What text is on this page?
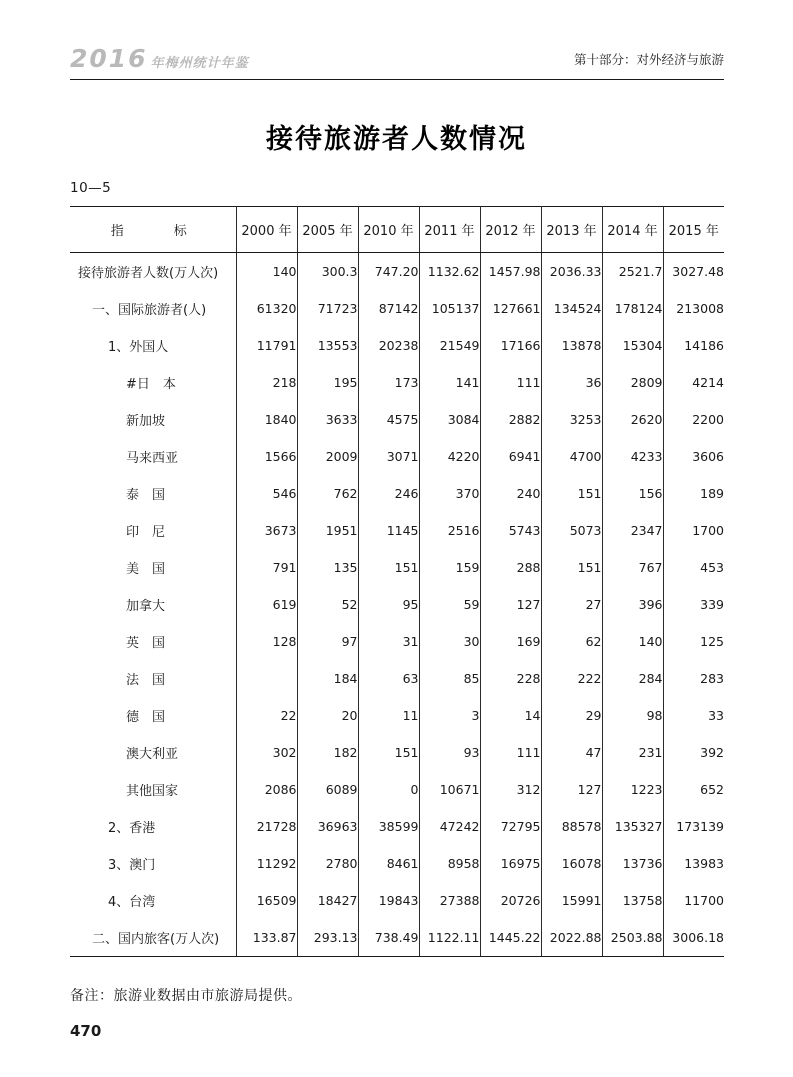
2016 年梅州统计年鉴	第十部分：对外经济与旅游
接待旅游者人数情况
10—5
指　　标	2000 年	2005 年	2010 年	2011 年	2012 年	2013 年	2014 年	2015 年
接待旅游者人数(万人次)	140	300.3	747.20	1132.62	1457.98	2036.33	2521.7	3027.48
一、国际旅游者(人)	61320	71723	87142	105137	127661	134524	178124	213008
1、外国人	11791	13553	20238	21549	17166	13878	15304	14186
#日　本	218	195	173	141	111	36	2809	4214
新加坡	1840	3633	4575	3084	2882	3253	2620	2200
马来西亚	1566	2009	3071	4220	6941	4700	4233	3606
泰　国	546	762	246	370	240	151	156	189
印　尼	3673	1951	1145	2516	5743	5073	2347	1700
美　国	791	135	151	159	288	151	767	453
加拿大	619	52	95	59	127	27	396	339
英　国	128	97	31	30	169	62	140	125
法　国		184	63	85	228	222	284	283
德　国	22	20	11	3	14	29	98	33
澳大利亚	302	182	151	93	111	47	231	392
其他国家	2086	6089	0	10671	312	127	1223	652
2、香港	21728	36963	38599	47242	72795	88578	135327	173139
3、澳门	11292	2780	8461	8958	16975	16078	13736	13983
4、台湾	16509	18427	19843	27388	20726	15991	13758	11700
二、国内旅客(万人次)	133.87	293.13	738.49	1122.11	1445.22	2022.88	2503.88	3006.18
备注：旅游业数据由市旅游局提供。
470
